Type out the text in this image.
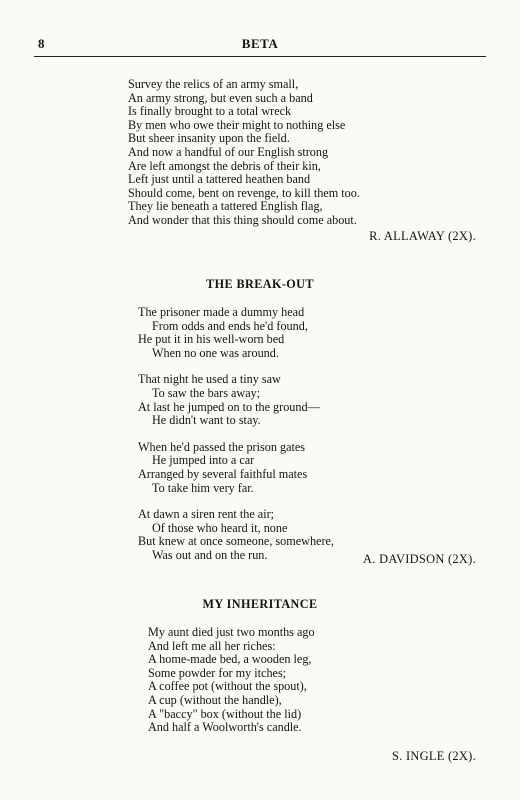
8	BETA
Survey the relics of an army small,
An army strong, but even such a band
Is finally brought to a total wreck
By men who owe their might to nothing else
But sheer insanity upon the field.
And now a handful of our English strong
Are left amongst the debris of their kin,
Left just until a tattered heathen band
Should come, bent on revenge, to kill them too.
They lie beneath a tattered English flag,
And wonder that this thing should come about.
R. ALLAWAY (2X).
THE BREAK-OUT
The prisoner made a dummy head
From odds and ends he'd found,
He put it in his well-worn bed
When no one was around.
That night he used a tiny saw
To saw the bars away;
At last he jumped on to the ground—
He didn't want to stay.
When he'd passed the prison gates
He jumped into a car
Arranged by several faithful mates
To take him very far.
At dawn a siren rent the air;
Of those who heard it, none
But knew at once someone, somewhere,
Was out and on the run.	A. DAVIDSON (2X).
MY INHERITANCE
My aunt died just two months ago
And left me all her riches:
A home-made bed, a wooden leg,
Some powder for my itches;
A coffee pot (without the spout),
A cup (without the handle),
A "baccy" box (without the lid)
And half a Woolworth's candle.
S. INGLE (2X).
